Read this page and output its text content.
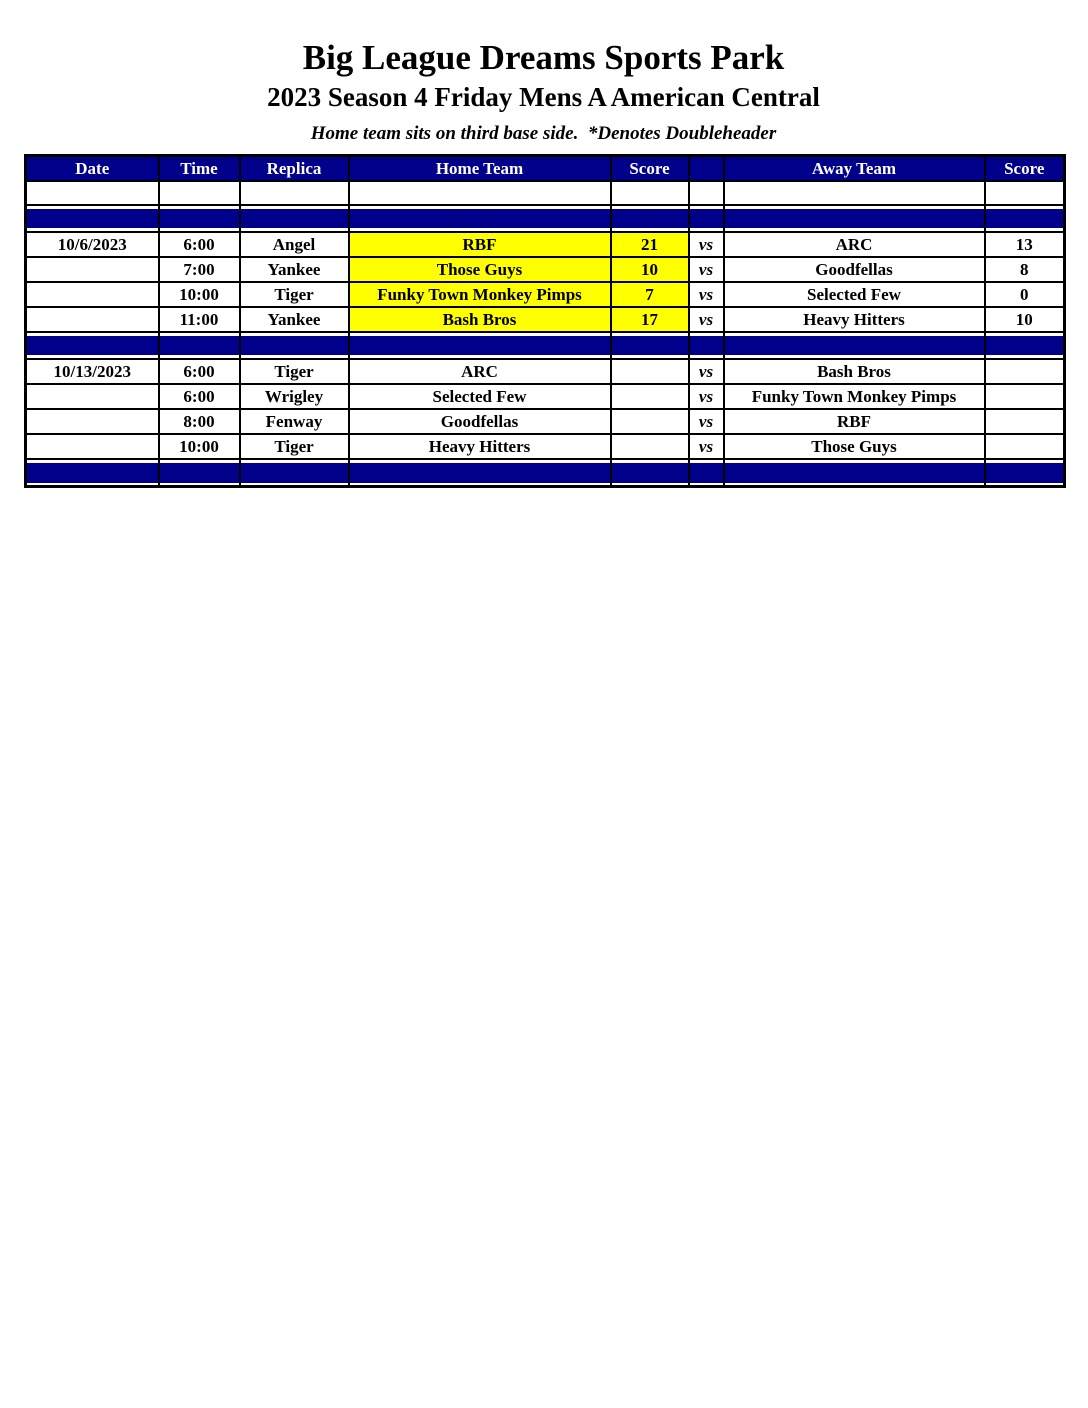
Big League Dreams Sports Park
2023 Season 4 Friday Mens A American Central
Home team sits on third base side.  *Denotes Doubleheader
Date	Time	Replica	Home Team	Score		Away Team	Score

10/6/2023	6:00	Angel	RBF	21	vs	ARC	13
	7:00	Yankee	Those Guys	10	vs	Goodfellas	8
	10:00	Tiger	Funky Town Monkey Pimps	7	vs	Selected Few	0
	11:00	Yankee	Bash Bros	17	vs	Heavy Hitters	10

10/13/2023	6:00	Tiger	ARC		vs	Bash Bros	
	6:00	Wrigley	Selected Few		vs	Funky Town Monkey Pimps	
	8:00	Fenway	Goodfellas		vs	RBF	
	10:00	Tiger	Heavy Hitters		vs	Those Guys	
